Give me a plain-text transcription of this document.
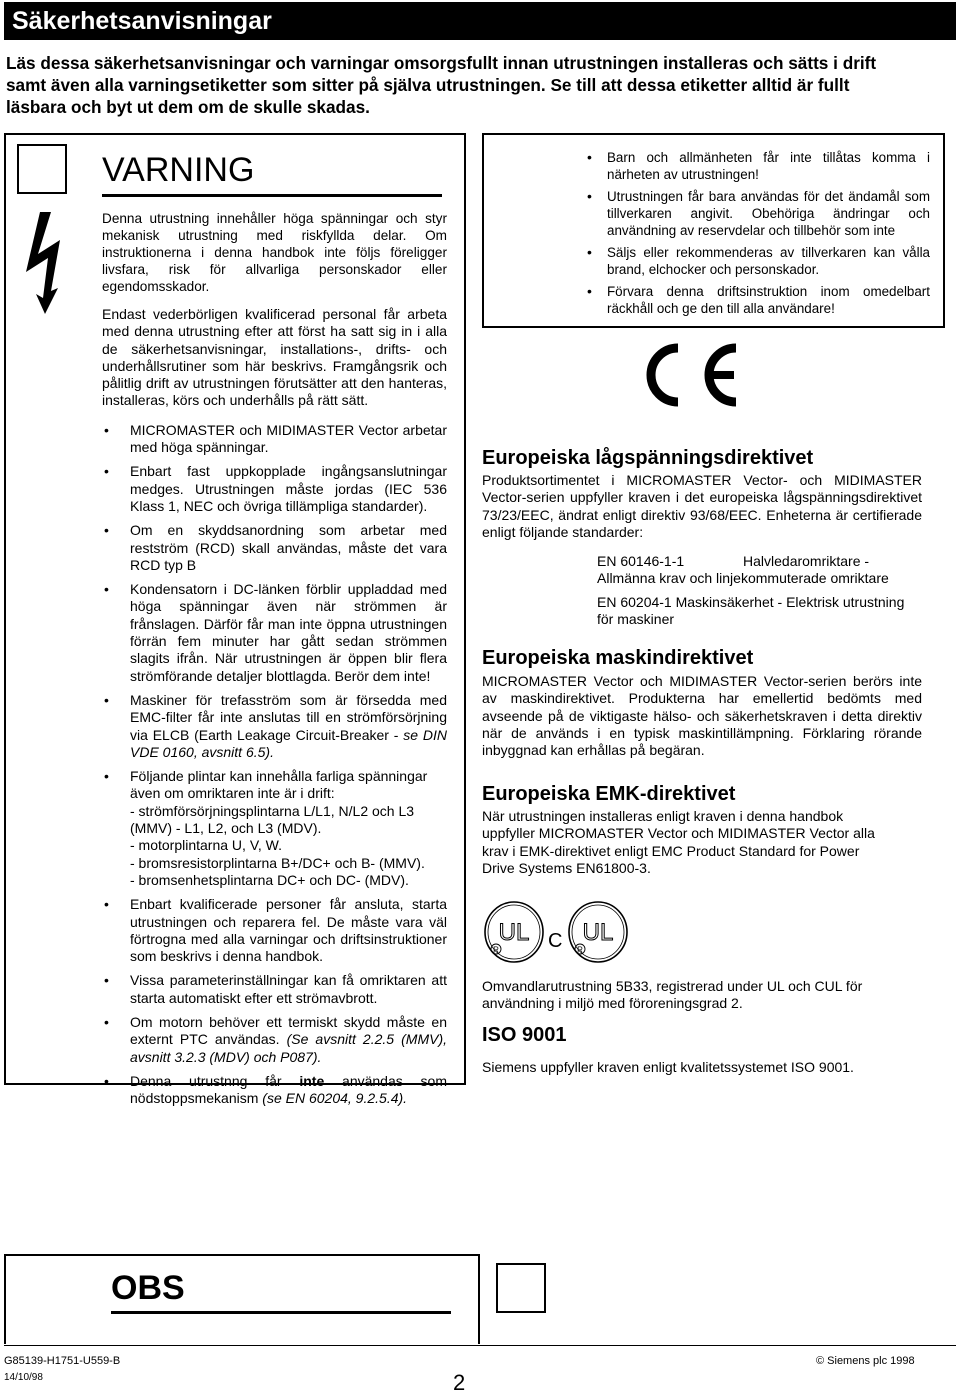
Säkerhetsanvisningar
Läs dessa säkerhetsanvisningar och varningar omsorgsfullt innan utrustningen installeras och sätts i drift samt även alla varningsetiketter som sitter på själva utrustningen. Se till att dessa etiketter alltid är fullt läsbara och byt ut dem om de skulle skadas.
VARNING

Denna utrustning innehåller höga spänningar och styr mekanisk utrustning med riskfyllda delar. Om instruktionerna i denna handbok inte följs föreligger livsfara, risk för allvarliga personskador eller egendomsskador.

Endast vederbörligen kvalificerad personal får arbeta med denna utrustning efter att först ha satt sig in i alla de säkerhetsanvisningar, installations-, drifts- och underhållsrutiner som här beskrivs. Framgångsrik och pålitlig drift av utrustningen förutsätter att den hanteras, installeras, körs och underhålls på rätt sätt.

• MICROMASTER och MIDIMASTER Vector arbetar med höga spänningar.
• Enbart fast uppkopplade ingångsanslutningar medges. Utrustningen måste jordas (IEC 536 Klass 1, NEC och övriga tillämpliga standarder).
• Om en skyddsanordning som arbetar med restström (RCD) skall användas, måste det vara RCD typ B
• Kondensatorn i DC-länken förblir uppladdad med höga spänningar även när strömmen är frånslagen. Därför får man inte öppna utrustningen förrän fem minuter har gått sedan strömmen slagits ifrån. När utrustningen är öppen blir flera strömförande detaljer blottlagda. Berör dem inte!
• Maskiner för trefasström som är försedda med EMC-filter får inte anslutas till en strömförsörjning via ELCB (Earth Leakage Circuit-Breaker - se DIN VDE 0160, avsnitt 6.5).
• Följande plintar kan innehålla farliga spänningar även om omriktaren inte är i drift:
- strömförsörjningsplintarna L/L1, N/L2 och L3 (MMV) - L1, L2, och L3 (MDV).
- motorplintarna U, V, W.
- bromsresistorplintarna B+/DC+ och B- (MMV).
- bromsenhetsplintarna DC+ och DC- (MDV).
• Enbart kvalificerade personer får ansluta, starta utrustningen och reparera fel. De måste vara väl förtrogna med alla varningar och driftsinstruktioner som beskrivs i denna handbok.
• Vissa parameterinställningar kan få omriktaren att starta automatiskt efter ett strömavbrott.
• Om motorn behöver ett termiskt skydd måste en externt PTC användas. (Se avsnitt 2.2.5 (MMV), avsnitt 3.2.3 (MDV) och P087).
• Denna utrustnng får inte användas som nödstoppsmekanism (se EN 60204, 9.2.5.4).
• Barn och allmänheten får inte tillåtas komma i närheten av utrustningen!
• Utrustningen får bara användas för det ändamål som tillverkaren angivit. Obehöriga ändringar och användning av reservdelar och tillbehör som inte
• Säljs eller rekommenderas av tillverkaren kan vålla brand, elchocker och personskador.
• Förvara denna driftsinstruktion inom omedelbart räckhåll och ge den till alla användare!
Europeiska lågspänningsdirektivet
Produktsortimentet i MICROMASTER Vector- och MIDIMASTER Vector-serien uppfyller kraven i det europeiska lågspänningsdirektivet 73/23/EEC, ändrat enligt direktiv 93/68/EEC. Enheterna är certifierade enligt följande standarder:
EN 60146-1-1	Halvledaromriktare -
Allmänna krav och linjekommuterade omriktare
EN 60204-1 Maskinsäkerhet - Elektrisk utrustning för maskiner
Europeiska maskindirektivet
MICROMASTER Vector och MIDIMASTER Vector-serien berörs inte av maskindirektivet. Produkterna har emellertid bedömts med avseende på de viktigaste hälso- och säkerhetskraven i detta direktiv när de används i en typisk maskintillämpning. Förklaring rörande inbyggnad kan erhållas på begäran.
Europeiska EMK-direktivet
När utrustningen installeras enligt kraven i denna handbok uppfyller MICROMASTER Vector och MIDIMASTER Vector alla krav i EMK-direktivet enligt EMC Product Standard for Power Drive Systems EN61800-3.
UL
R C UL
R
Omvandlarutrustning 5B33, registrerad under UL och CUL för användning i miljö med föroreningsgrad 2.
ISO 9001
Siemens uppfyller kraven enligt kvalitetssystemet ISO 9001.
OBS
G85139-H1751-U559-B
14/10/98	2
© Siemens plc 1998
